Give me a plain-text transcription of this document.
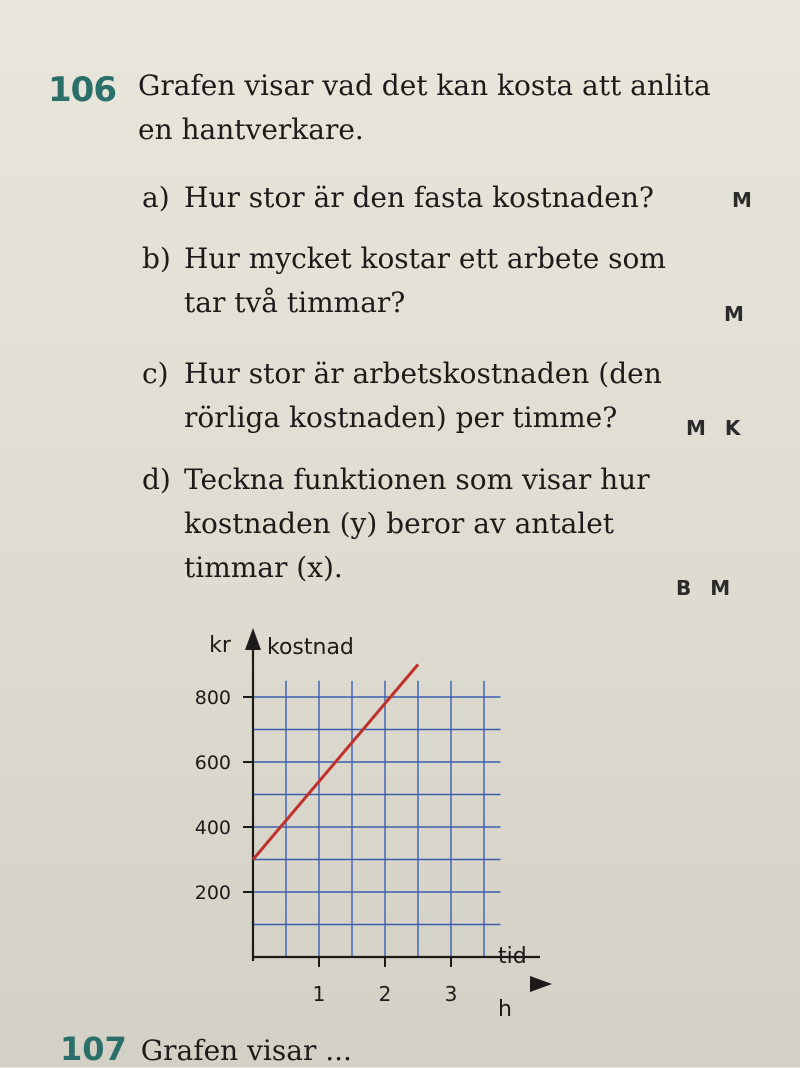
106 Grafen visar vad det kan kosta att anlita
en hantverkare.
a) Hur stor är den fasta kostnaden?	M
b) Hur mycket kostar ett arbete som
tar två timmar?	M
c) Hur stor är arbetskostnaden (den
rörliga kostnaden) per timme?	M K
d) Teckna funktionen som visar hur
kostnaden (y) beror av antalet
timmar (x).
B M
1	2	3
200
400
600
800
kr kostnad
tid
h
107 Grafen visar ...
